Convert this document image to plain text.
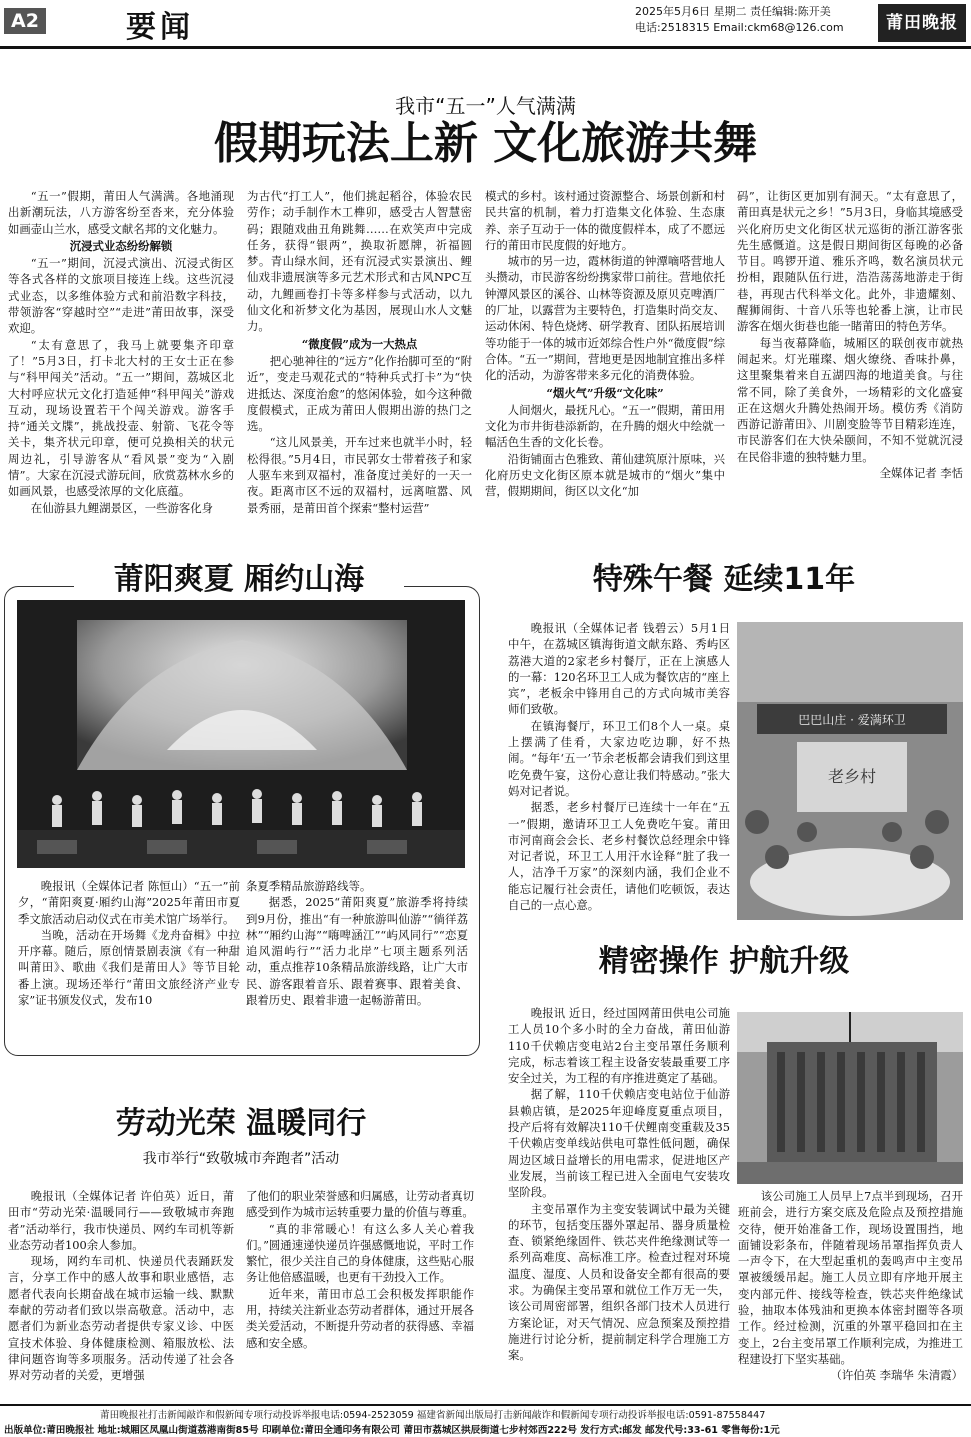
A2	要闻	2025年5月6日 星期二 责任编辑:陈开美
电话:2518315 Email:ckm68@126.com	莆田晚报
我市“五一”人气满满
假期玩法上新 文化旅游共舞

“五一”假期，莆田人气满满。各地涌现出新潮玩法，八方游客纷至沓来，充分体验如画壶山兰水，感受文献名邦的文化魅力。

沉浸式业态纷纷解锁

“五一”期间，沉浸式演出、沉浸式街区等各式各样的文旅项目接连上线。这些沉浸式业态，以多维体验方式和前沿数字科技，带领游客“穿越时空”“走进”莆田故事，深受欢迎。

“太有意思了，我马上就要集齐印章了！”5月3日，打卡北大村的王女士正在参与“科甲闯关”活动。“五一”期间，荔城区北大村呼应状元文化打造延伸“科甲闯关”游戏互动，现场设置若干个闯关游戏。游客手持“通关文牒”，挑战投壶、射箭、飞花令等关卡，集齐状元印章，便可兑换相关的状元周边礼，引导游客从“看风景”变为“入剧情”。大家在沉浸式游玩间，欣赏荔林水乡的如画风景，也感受浓厚的文化底蕴。

在仙游县九鲤湖景区，一些游客化身

为古代“打工人”，他们挑起稻谷，体验农民劳作；动手制作木工榫卯，感受古人智慧密码；跟随戏曲丑角跳舞……在欢笑声中完成任务，获得“银两”，换取祈愿牌，祈福圆梦。青山绿水间，还有沉浸式实景演出、鲤仙戏非遗展演等多元艺术形式和古风NPC互动，九鲤画卷打卡等多样参与式活动，以九仙文化和祈梦文化为基因，展现山水人文魅力。

“微度假”成为一大热点

把心驰神往的“远方”化作抬脚可至的“附近”，变走马观花式的“特种兵式打卡”为“快进抵达、深度治愈”的悠闲体验，如今这种微度假模式，正成为莆田人假期出游的热门之选。

“这儿风景美，开车过来也就半小时，轻松得很。”5月4日，市民郭女士带着孩子和家人驱车来到双福村，准备度过美好的一天一夜。距离市区不远的双福村，远离喧嚣、风景秀丽，是莆田首个探索“整村运营”

模式的乡村。该村通过资源整合、场景创新和村民共富的机制，着力打造集文化体验、生态康养、亲子互动于一体的微度假样本，成了不愿远行的莆田市民度假的好地方。

城市的另一边，霞林街道的钟潭嘀嗒营地人头攒动，市民游客纷纷携家带口前往。营地依托钟潭风景区的溪谷、山林等资源及原贝克啤酒厂的厂址，以露营为主要特色，打造集时尚交友、运动休闲、特色烧烤、研学教育、团队拓展培训等功能于一体的城市近郊综合性户外“微度假”综合体。“五一”期间，营地更是因地制宜推出多样化的活动，为游客带来多元化的消费体验。

“烟火气”升级“文化味”

人间烟火，最抚凡心。“五一”假期，莆田用文化为市井街巷添新韵，在升腾的烟火中绘就一幅活色生香的文化长卷。

沿街铺面古色雅致、莆仙建筑原汁原味，兴化府历史文化街区原本就是城市的“烟火”集中营，假期期间，街区以文化“加

码”，让街区更加别有洞天。“太有意思了，莆田真是状元之乡！”5月3日，身临其境感受兴化府历史文化街区状元巡街的浙江游客张先生感慨道。这是假日期间街区每晚的必备节目。鸣锣开道、雅乐齐鸣，数名演员状元扮相，跟随队伍行进，浩浩荡荡地游走于街巷，再现古代科举文化。此外，非遗耀刻、醒狮闹街、十音八乐等也轮番上演，让市民游客在烟火街巷也能一睹莆田的特色芳华。

每当夜幕降临，城厢区的联创夜市就热闹起来。灯光璀璨、烟火缭绕、香味扑鼻，这里聚集着来自五湖四海的地道美食。与往常不同，除了美食外，一场精彩的文化盛宴正在这烟火升腾处热闹开场。模仿秀《消防西游记游莆田》、川剧变脸等节目精彩连连，市民游客们在大快朵颐间，不知不觉就沉浸在民俗非遗的独特魅力里。

全媒体记者 李恬

莆阳爽夏 厢约山海

晚报讯（全媒体记者 陈恒山）“五一”前夕，“莆阳爽夏·厢约山海”2025年莆田市夏季文旅活动启动仪式在市美术馆广场举行。

当晚，活动在开场舞《龙舟奋楫》中拉开序幕。随后，原创情景剧表演《有一种甜叫莆田》、歌曲《我们是莆田人》等节目轮番上演。现场还举行“莆田文旅经济产业专家”证书颁发仪式，发布10

条夏季精品旅游路线等。

据悉，2025“莆阳爽夏”旅游季将持续到9月份，推出“有一种旅游叫仙游”“徜徉荔林”“厢约山海”“嗨啤涵江”“屿风同行”“恋夏追风湄屿行”“活力北岸”七项主题系列活动，重点推荐10条精品旅游线路，让广大市民、游客跟着音乐、跟着赛事、跟着美食、跟着历史、跟着非遗一起畅游莆田。

特殊午餐 延续11年

晚报讯（全媒体记者 钱碧云）5月1日中午，在荔城区镇海街道文献东路、秀屿区荔港大道的2家老乡村餐厅，正在上演感人的一幕：120名环卫工人成为餐饮店的“座上宾”，老板余中锋用自己的方式向城市美容师们致敬。

在镇海餐厅，环卫工们8个人一桌。桌上摆满了佳肴，大家边吃边聊，好不热闹。“每年‘五一’节余老板都会请我们到这里吃免费午宴，这份心意让我们特感动。”张大妈对记者说。

据悉，老乡村餐厅已连续十一年在“五一”假期，邀请环卫工人免费吃午宴。莆田市河南商会会长、老乡村餐饮总经理余中锋对记者说，环卫工人用汗水诠释“脏了我一人，洁净千万家”的深刻内涵，我们企业不能忘记履行社会责任，请他们吃顿饭，表达自己的一点心意。

巴巴山庄 · 爱满环卫
老乡村
劳动光荣 温暖同行
我市举行“致敬城市奔跑者”活动

晚报讯（全媒体记者 许伯英）近日，莆田市“劳动光荣·温暖同行——致敬城市奔跑者”活动举行，我市快递员、网约车司机等新业态劳动者100余人参加。

现场，网约车司机、快递员代表踊跃发言，分享工作中的感人故事和职业感悟，志愿者代表向长期奋战在城市运输一线、默默奉献的劳动者们致以崇高敬意。活动中，志愿者们为新业态劳动者提供专家义诊、中医宣技术体验、身体健康检测、箱服放松、法律问题咨询等多项服务。活动传递了社会各界对劳动者的关爱，更增强

了他们的职业荣誉感和归属感，让劳动者真切感受到作为城市运转重要力量的价值与尊重。

“真的非常暖心！有这么多人关心着我们。”圆通速递快递员许强感慨地说，平时工作繁忙，很少关注自己的身体健康，这些贴心服务让他倍感温暖，也更有干劲投入工作。

近年来，莆田市总工会积极发挥职能作用，持续关注新业态劳动者群体，通过开展各类关爱活动，不断提升劳动者的获得感、幸福感和安全感。

精密操作 护航升级

晚报讯 近日，经过国网莆田供电公司施工人员10个多小时的全力奋战，莆田仙游110千伏赖店变电站2台主变吊罩任务顺利完成，标志着该工程主设备安装最重要工序安全过关，为工程的有序推进奠定了基础。

据了解，110千伏赖店变电站位于仙游县赖店镇，是2025年迎峰度夏重点项目，投产后将有效解决110千伏鲤南变重载及35千伏赖店变单线站供电可靠性低问题，确保周边区域日益增长的用电需求，促进地区产业发展，当前该工程已进入全面电气安装攻坚阶段。

主变吊罩作为主变安装调试中最为关键的环节，包括变压器外罩起吊、器身质量检查、锁紧绝缘固件、铁芯夹件绝缘测试等一系列高难度、高标准工序。检查过程对环境温度、湿度、人员和设备安全都有很高的要求。为确保主变吊罩和就位工作万无一失，该公司周密部署，组织各部门技术人员进行方案论证，对天气情况、应急预案及预控措施进行讨论分析，提前制定科学合理施工方案。

该公司施工人员早上7点半到现场，召开班前会，进行方案交底及危险点及预控措施交待，便开始准备工作，现场设置围挡，地面铺设彩条布，伴随着现场吊罩指挥负责人一声令下，在大型起重机的轰鸣声中主变吊罩被缓缓吊起。施工人员立即有序地开展主变内部元件、接线等检查，铁芯夹件绝缘试验，抽取本体残油和更换本体密封圈等各项工作。经过检测，沉重的外罩平稳回扣在主变上，2台主变吊罩工作顺利完成，为推进工程建设打下坚实基础。

（许伯英 李瑞华 朱清霞）

莆田晚报社打击新闻敲诈和假新闻专项行动投诉举报电话:0594-2523059 福建省新闻出版局打击新闻敲诈和假新闻专项行动投诉举报电话:0591-87558447
出版单位:莆田晚报社 地址:城厢区凤凰山街道荔港南街85号 印刷单位:莆田全通印务有限公司 莆田市荔城区拱辰街道七步村郊西222号 发行方式:邮发 邮发代号:33-61 零售每份:1元
